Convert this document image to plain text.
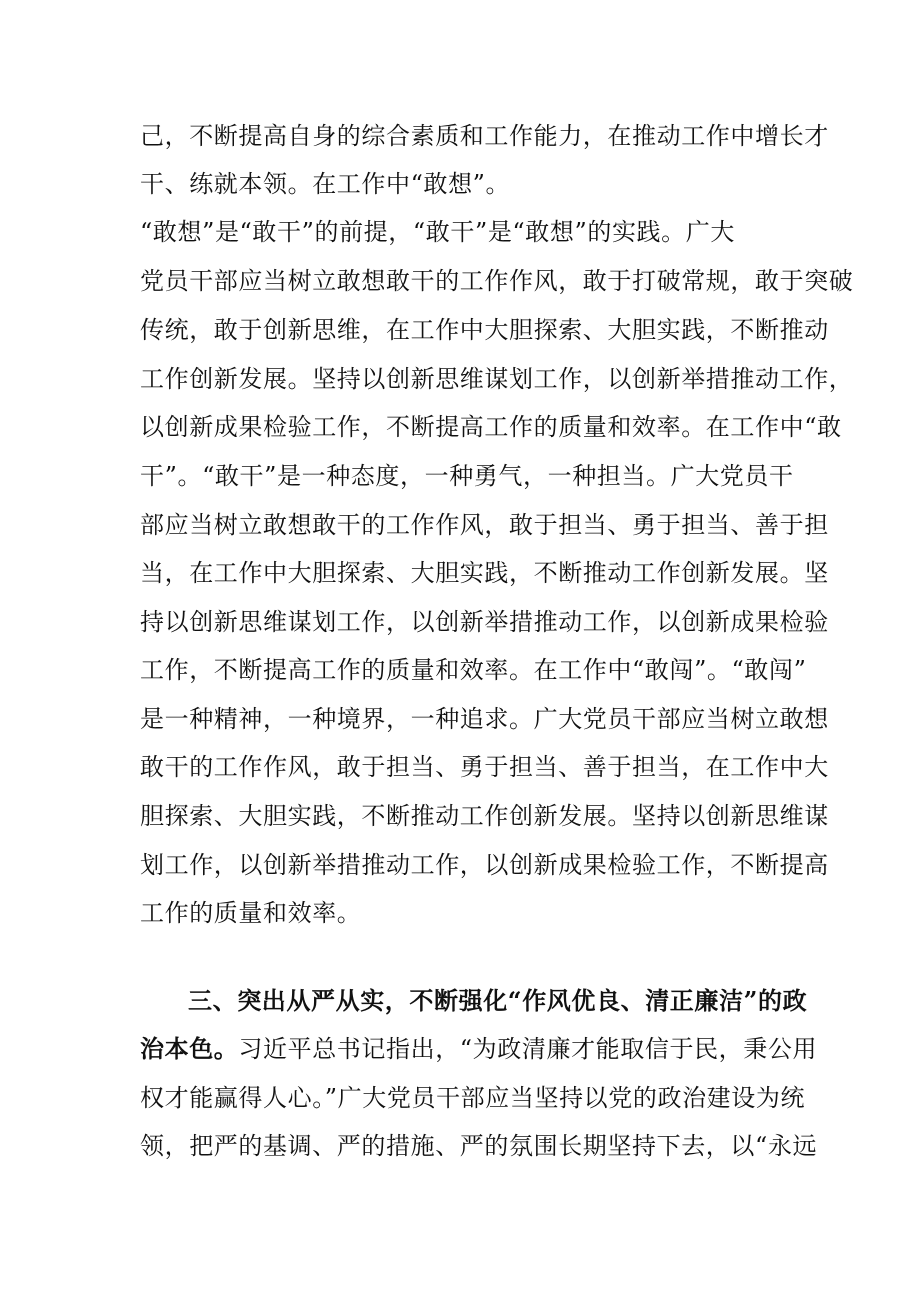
己，不断提高自身的综合素质和工作能力，在推动工作中增长才
干、练就本领。在工作中“敢想”。
“敢想”是“敢干”的前提，“敢干”是“敢想”的实践。广大
党员干部应当树立敢想敢干的工作作风，敢于打破常规，敢于突破
传统，敢于创新思维，在工作中大胆探索、大胆实践，不断推动
工作创新发展。坚持以创新思维谋划工作，以创新举措推动工作，
以创新成果检验工作，不断提高工作的质量和效率。在工作中“敢
干”。“敢干”是一种态度，一种勇气，一种担当。广大党员干
部应当树立敢想敢干的工作作风，敢于担当、勇于担当、善于担
当，在工作中大胆探索、大胆实践，不断推动工作创新发展。坚
持以创新思维谋划工作，以创新举措推动工作，以创新成果检验
工作，不断提高工作的质量和效率。在工作中“敢闯”。“敢闯”
是一种精神，一种境界，一种追求。广大党员干部应当树立敢想
敢干的工作作风，敢于担当、勇于担当、善于担当，在工作中大
胆探索、大胆实践，不断推动工作创新发展。坚持以创新思维谋
划工作，以创新举措推动工作，以创新成果检验工作，不断提高
工作的质量和效率。
三、突出从严从实，不断强化“作风优良、清正廉洁”的政
治本色。习近平总书记指出，“为政清廉才能取信于民，秉公用
权才能赢得人心。”广大党员干部应当坚持以党的政治建设为统
领，把严的基调、严的措施、严的氛围长期坚持下去，以“永远
